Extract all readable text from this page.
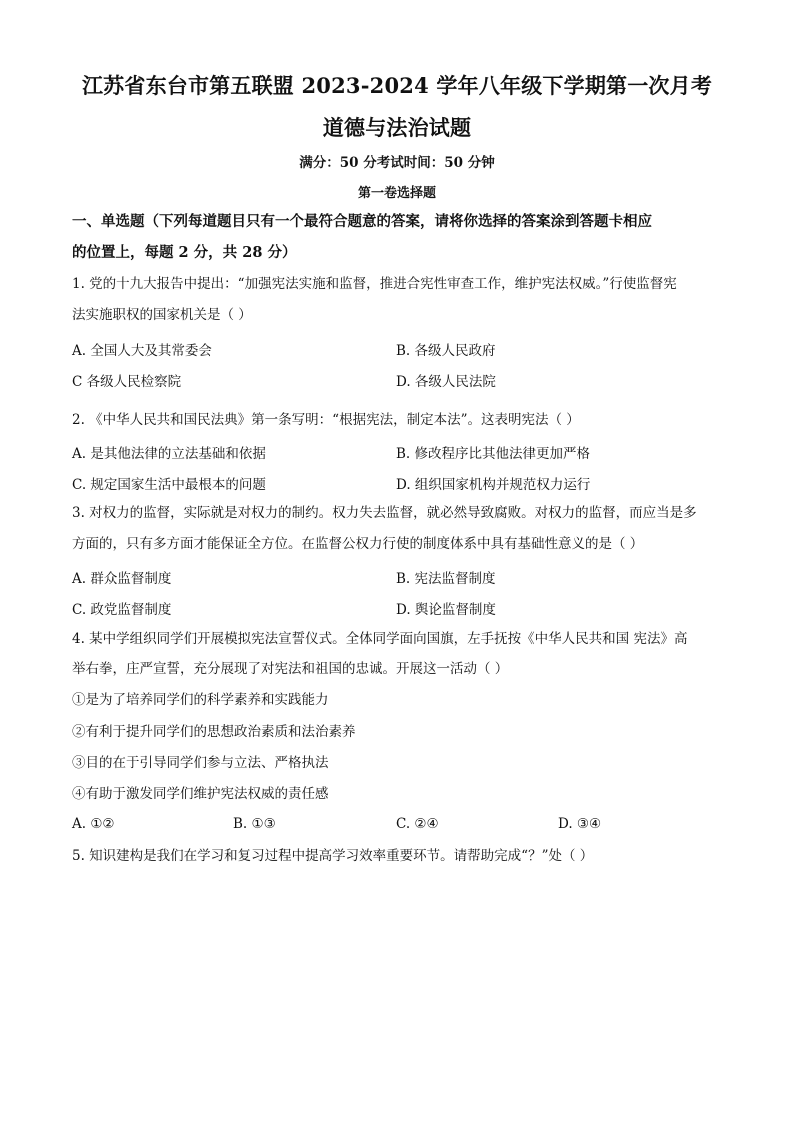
江苏省东台市第五联盟 2023-2024 学年八年级下学期第一次月考
道德与法治试题
满分：50 分考试时间：50 分钟
第一卷选择题
一、单选题（下列每道题目只有一个最符合题意的答案，请将你选择的答案涂到答题卡相应
的位置上，每题 2 分，共 28 分）
1. 党的十九大报告中提出：“加强宪法实施和监督，推进合宪性审查工作，维护宪法权威。”行使监督宪
法实施职权的国家机关是（ ）
A. 全国人大及其常委会	B. 各级人民政府
C 各级人民检察院	D. 各级人民法院
2. 《中华人民共和国民法典》第一条写明：“根据宪法，制定本法”。这表明宪法（ ）
A. 是其他法律的立法基础和依据	B. 修改程序比其他法律更加严格
C. 规定国家生活中最根本的问题	D. 组织国家机构并规范权力运行
3. 对权力的监督，实际就是对权力的制约。权力失去监督，就必然导致腐败。对权力的监督，而应当是多
方面的，只有多方面才能保证全方位。在监督公权力行使的制度体系中具有基础性意义的是（ ）
A. 群众监督制度	B. 宪法监督制度
C. 政党监督制度	D. 舆论监督制度
4. 某中学组织同学们开展模拟宪法宣誓仪式。全体同学面向国旗，左手抚按《中华人民共和国 宪法》高
举右拳，庄严宣誓，充分展现了对宪法和祖国的忠诚。开展这一活动（ ）
①是为了培养同学们的科学素养和实践能力
②有利于提升同学们的思想政治素质和法治素养
③目的在于引导同学们参与立法、严格执法
④有助于激发同学们维护宪法权威的责任感
A. ①②	B. ①③	C. ②④	D. ③④
5. 知识建构是我们在学习和复习过程中提高学习效率重要环节。请帮助完成“？”处（ ）
